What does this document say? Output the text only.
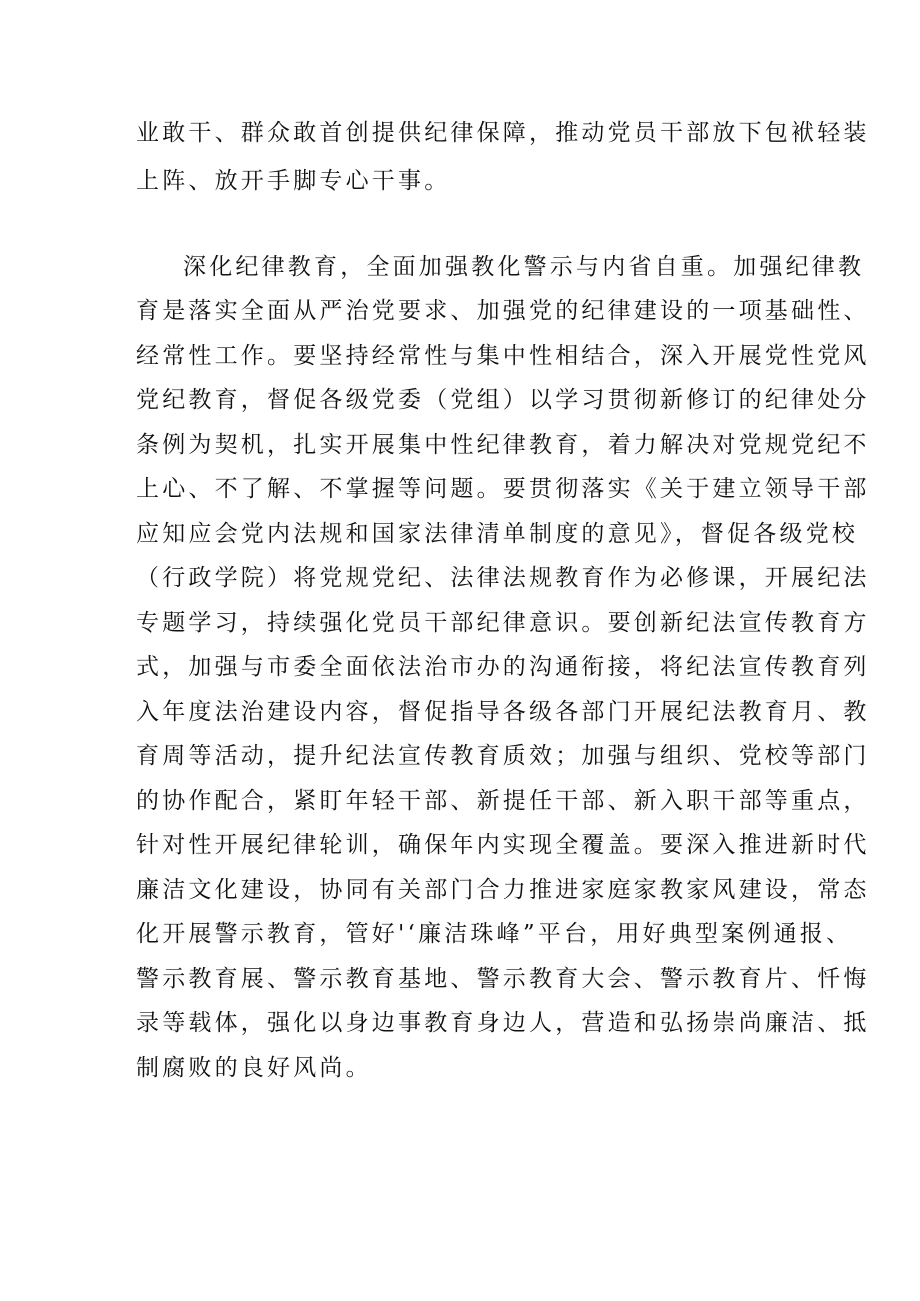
业敢干、群众敢首创提供纪律保障，推动党员干部放下包袱轻装
上阵、放开手脚专心干事。
深化纪律教育，全面加强教化警示与内省自重。加强纪律教
育是落实全面从严治党要求、加强党的纪律建设的一项基础性、
经常性工作。要坚持经常性与集中性相结合，深入开展党性党风
党纪教育，督促各级党委（党组）以学习贯彻新修订的纪律处分
条例为契机，扎实开展集中性纪律教育，着力解决对党规党纪不
上心、不了解、不掌握等问题。要贯彻落实《关于建立领导干部
应知应会党内法规和国家法律清单制度的意见》，督促各级党校
（行政学院）将党规党纪、法律法规教育作为必修课，开展纪法
专题学习，持续强化党员干部纪律意识。要创新纪法宣传教育方
式，加强与市委全面依法治市办的沟通衔接，将纪法宣传教育列
入年度法治建设内容，督促指导各级各部门开展纪法教育月、教
育周等活动，提升纪法宣传教育质效；加强与组织、党校等部门
的协作配合，紧盯年轻干部、新提任干部、新入职干部等重点，
针对性开展纪律轮训，确保年内实现全覆盖。要深入推进新时代
廉洁文化建设，协同有关部门合力推进家庭家教家风建设，常态
化开展警示教育，管好'‘廉洁珠峰”平台，用好典型案例通报、
警示教育展、警示教育基地、警示教育大会、警示教育片、忏悔
录等载体，强化以身边事教育身边人，营造和弘扬崇尚廉洁、抵
制腐败的良好风尚。
